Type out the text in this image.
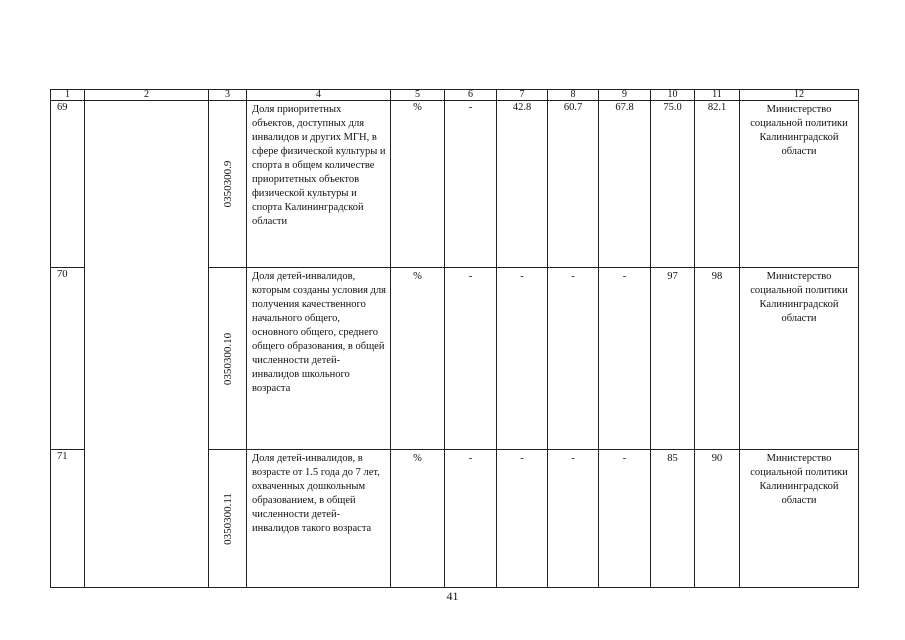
1	2	3	4	5	6	7	8	9	10	11	12
69		0350300.9	Доля приоритетных объектов, доступных для инвалидов и других МГН, в сфере физической культуры и спорта в общем количестве приоритетных объектов физической культуры и спорта Калининградской области	%	-	42.8	60.7	67.8	75.0	82.1	Министерство социальной политики Калининградской области
70		0350300.10	Доля детей-инвалидов, которым созданы условия для получения качественного начального общего, основного общего, среднего общего образования, в общей численности детей-инвалидов школьного возраста	%	-	-	-	-	97	98	Министерство социальной политики Калининградской области
71		0350300.11	Доля детей-инвалидов, в возрасте от 1.5 года до 7 лет, охваченных дошкольным образованием, в общей численности детей-инвалидов такого возраста	%	-	-	-	-	85	90	Министерство социальной политики Калининградской области
41
